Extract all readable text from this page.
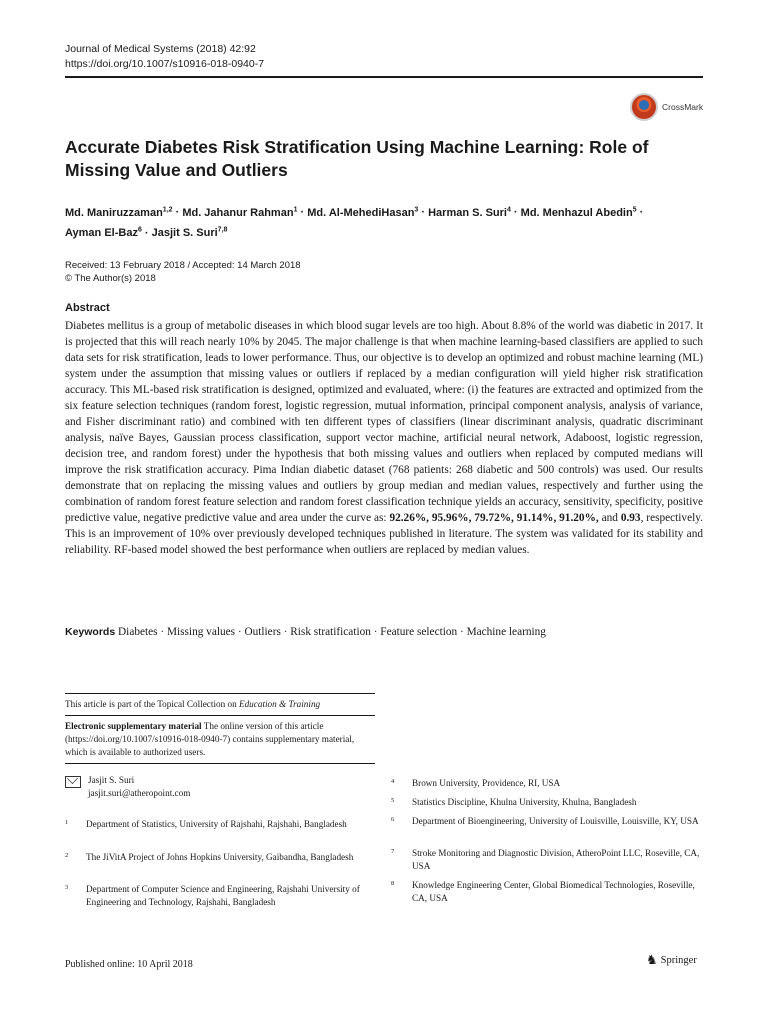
Journal of Medical Systems (2018) 42:92
https://doi.org/10.1007/s10916-018-0940-7
CrossMark
Accurate Diabetes Risk Stratification Using Machine Learning: Role of Missing Value and Outliers
Md. Maniruzzaman$^{1,2}$ · Md. Jahanur Rahman$^1$ · Md. Al-MehediHasan$^3$ · Harman S. Suri$^4$ · Md. Menhazul Abedin$^5$ ·
Ayman El-Baz$^6$ · Jasjit S. Suri$^{7,8}$
Received: 13 February 2018 / Accepted: 14 March 2018
© The Author(s) 2018
Abstract
Diabetes mellitus is a group of metabolic diseases in which blood sugar levels are too high. About 8.8% of the world was diabetic in 2017. It is projected that this will reach nearly 10% by 2045. The major challenge is that when machine learning-based classifiers are applied to such data sets for risk stratification, leads to lower performance. Thus, our objective is to develop an optimized and robust machine learning (ML) system under the assumption that missing values or outliers if replaced by a median configuration will yield higher risk stratification accuracy. This ML-based risk stratification is designed, optimized and evaluated, where: (i) the features are extracted and optimized from the six feature selection techniques (random forest, logistic regression, mutual information, principal component analysis, analysis of variance, and Fisher discriminant ratio) and combined with ten different types of classifiers (linear discriminant analysis, quadratic discriminant analysis, naïve Bayes, Gaussian process classification, support vector machine, artificial neural network, Adaboost, logistic regression, decision tree, and random forest) under the hypothesis that both missing values and outliers when replaced by computed medians will improve the risk stratification accuracy. Pima Indian diabetic dataset (768 patients: 268 diabetic and 500 controls) was used. Our results demonstrate that on replacing the missing values and outliers by group median and median values, respectively and further using the combination of random forest feature selection and random forest classification technique yields an accuracy, sensitivity, specificity, positive predictive value, negative predictive value and area under the curve as: 92.26%, 95.96%, 79.72%, 91.14%, 91.20%, and 0.93, respectively. This is an improvement of 10% over previously developed techniques published in literature. The system was validated for its stability and reliability. RF-based model showed the best performance when outliers are replaced by median values.
Keywords Diabetes · Missing values · Outliers · Risk stratification · Feature selection · Machine learning
This article is part of the Topical Collection on Education & Training
Electronic supplementary material The online version of this article (https://doi.org/10.1007/s10916-018-0940-7) contains supplementary material, which is available to authorized users.
Jasjit S. Suri
jasjit.suri@atheropoint.com
1	Department of Statistics, University of Rajshahi, Rajshahi, Bangladesh
2	The JiVitA Project of Johns Hopkins University, Gaibandha, Bangladesh
3	Department of Computer Science and Engineering, Rajshahi University of Engineering and Technology, Rajshahi, Bangladesh
4	Brown University, Providence, RI, USA
5	Statistics Discipline, Khulna University, Khulna, Bangladesh
6	Department of Bioengineering, University of Louisville, Louisville, KY, USA
7	Stroke Monitoring and Diagnostic Division, AtheroPoint LLC, Roseville, CA, USA
8	Knowledge Engineering Center, Global Biomedical Technologies, Roseville, CA, USA
Published online: 10 April 2018	♞ Springer
